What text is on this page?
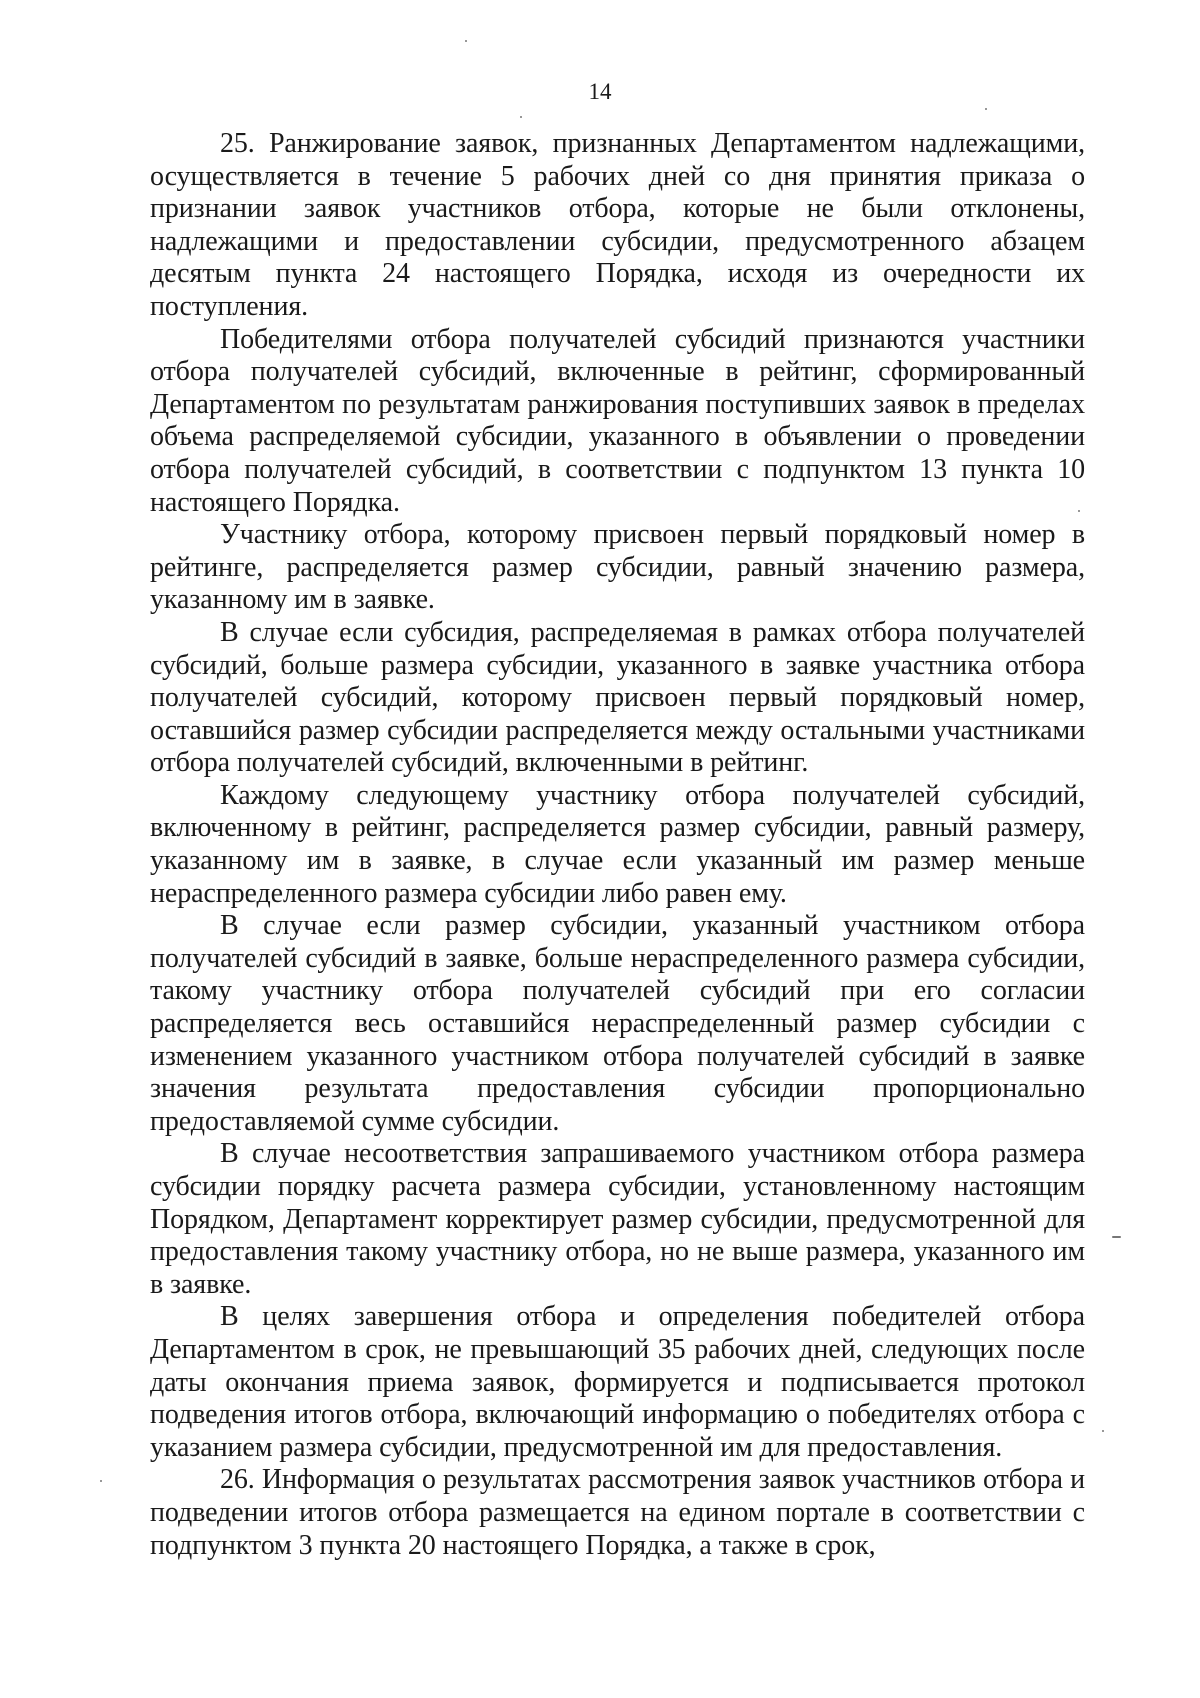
14

25. Ранжирование заявок, признанных Департаментом надлежащими, осуществляется в течение 5 рабочих дней со дня принятия приказа о признании заявок участников отбора, которые не были отклонены, надлежащими и предоставлении субсидии, предусмотренного абзацем десятым пункта 24 настоящего Порядка, исходя из очередности их поступления.

Победителями отбора получателей субсидий признаются участники отбора получателей субсидий, включенные в рейтинг, сформированный Департаментом по результатам ранжирования поступивших заявок в пределах объема распределяемой субсидии, указанного в объявлении о проведении отбора получателей субсидий, в соответствии с подпунктом 13 пункта 10 настоящего Порядка.

Участнику отбора, которому присвоен первый порядковый номер в рейтинге, распределяется размер субсидии, равный значению размера, указанному им в заявке.

В случае если субсидия, распределяемая в рамках отбора получателей субсидий, больше размера субсидии, указанного в заявке участника отбора получателей субсидий, которому присвоен первый порядковый номер, оставшийся размер субсидии распределяется между остальными участниками отбора получателей субсидий, включенными в рейтинг.

Каждому следующему участнику отбора получателей субсидий, включенному в рейтинг, распределяется размер субсидии, равный размеру, указанному им в заявке, в случае если указанный им размер меньше нераспределенного размера субсидии либо равен ему.

В случае если размер субсидии, указанный участником отбора получателей субсидий в заявке, больше нераспределенного размера субсидии, такому участнику отбора получателей субсидий при его согласии распределяется весь оставшийся нераспределенный размер субсидии с изменением указанного участником отбора получателей субсидий в заявке значения результата предоставления субсидии пропорционально предоставляемой сумме субсидии.

В случае несоответствия запрашиваемого участником отбора размера субсидии порядку расчета размера субсидии, установленному настоящим Порядком, Департамент корректирует размер субсидии, предусмотренной для предоставления такому участнику отбора, но не выше размера, указанного им в заявке.

В целях завершения отбора и определения победителей отбора Департаментом в срок, не превышающий 35 рабочих дней, следующих после даты окончания приема заявок, формируется и подписывается протокол подведения итогов отбора, включающий информацию о победителях отбора с указанием размера субсидии, предусмотренной им для предоставления.

26. Информация о результатах рассмотрения заявок участников отбора и подведении итогов отбора размещается на едином портале в соответствии с подпунктом 3 пункта 20 настоящего Порядка, а также в срок,
